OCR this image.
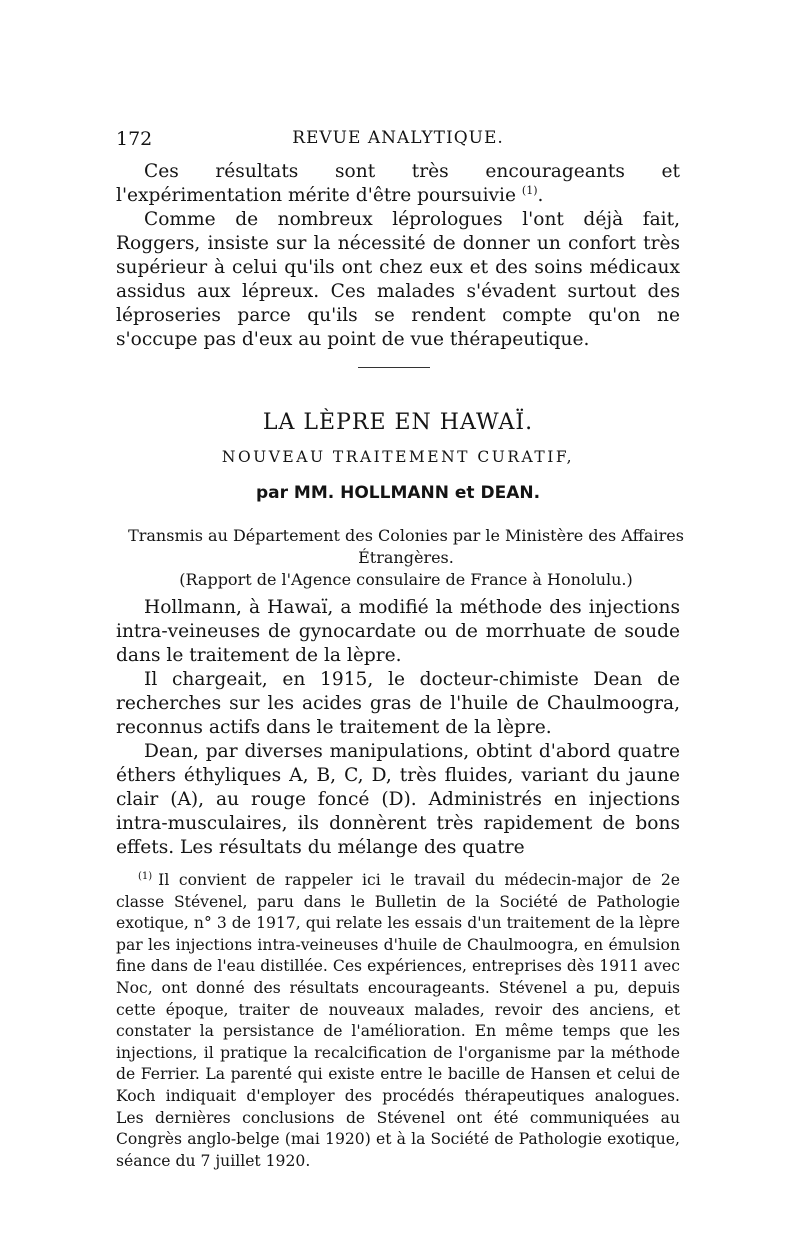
172	REVUE ANALYTIQUE.

Ces résultats sont très encourageants et l'expérimentation mérite d'être poursuivie $^{(1)}$.

Comme de nombreux léprologues l'ont déjà fait, Roggers, insiste sur la nécessité de donner un confort très supérieur à celui qu'ils ont chez eux et des soins médicaux assidus aux lépreux. Ces malades s'évadent surtout des léproseries parce qu'ils se rendent compte qu'on ne s'occupe pas d'eux au point de vue thérapeutique.

LA LÈPRE EN HAWAÏ.
NOUVEAU TRAITEMENT CURATIF,
par MM. HOLLMANN et DEAN.
Transmis au Département des Colonies par le Ministère des Affaires Étrangères.
(Rapport de l'Agence consulaire de France à Honolulu.)

Hollmann, à Hawaï, a modifié la méthode des injections intra-veineuses de gynocardate ou de morrhuate de soude dans le traitement de la lèpre.

Il chargeait, en 1915, le docteur-chimiste Dean de recherches sur les acides gras de l'huile de Chaulmoogra, reconnus actifs dans le traitement de la lèpre.

Dean, par diverses manipulations, obtint d'abord quatre éthers éthyliques A, B, C, D, très fluides, variant du jaune clair (A), au rouge foncé (D). Administrés en injections intra-musculaires, ils donnèrent très rapidement de bons effets. Les résultats du mélange des quatre

$^{(1)}$ Il convient de rappeler ici le travail du médecin-major de 2e classe Stévenel, paru dans le Bulletin de la Société de Pathologie exotique, n° 3 de 1917, qui relate les essais d'un traitement de la lèpre par les injections intra-veineuses d'huile de Chaulmoogra, en émulsion fine dans de l'eau distillée. Ces expériences, entreprises dès 1911 avec Noc, ont donné des résultats encourageants. Stévenel a pu, depuis cette époque, traiter de nouveaux malades, revoir des anciens, et constater la persistance de l'amélioration. En même temps que les injections, il pratique la recalcification de l'organisme par la méthode de Ferrier. La parenté qui existe entre le bacille de Hansen et celui de Koch indiquait d'employer des procédés thérapeutiques analogues. Les dernières conclusions de Stévenel ont été communiquées au Congrès anglo-belge (mai 1920) et à la Société de Pathologie exotique, séance du 7 juillet 1920.
